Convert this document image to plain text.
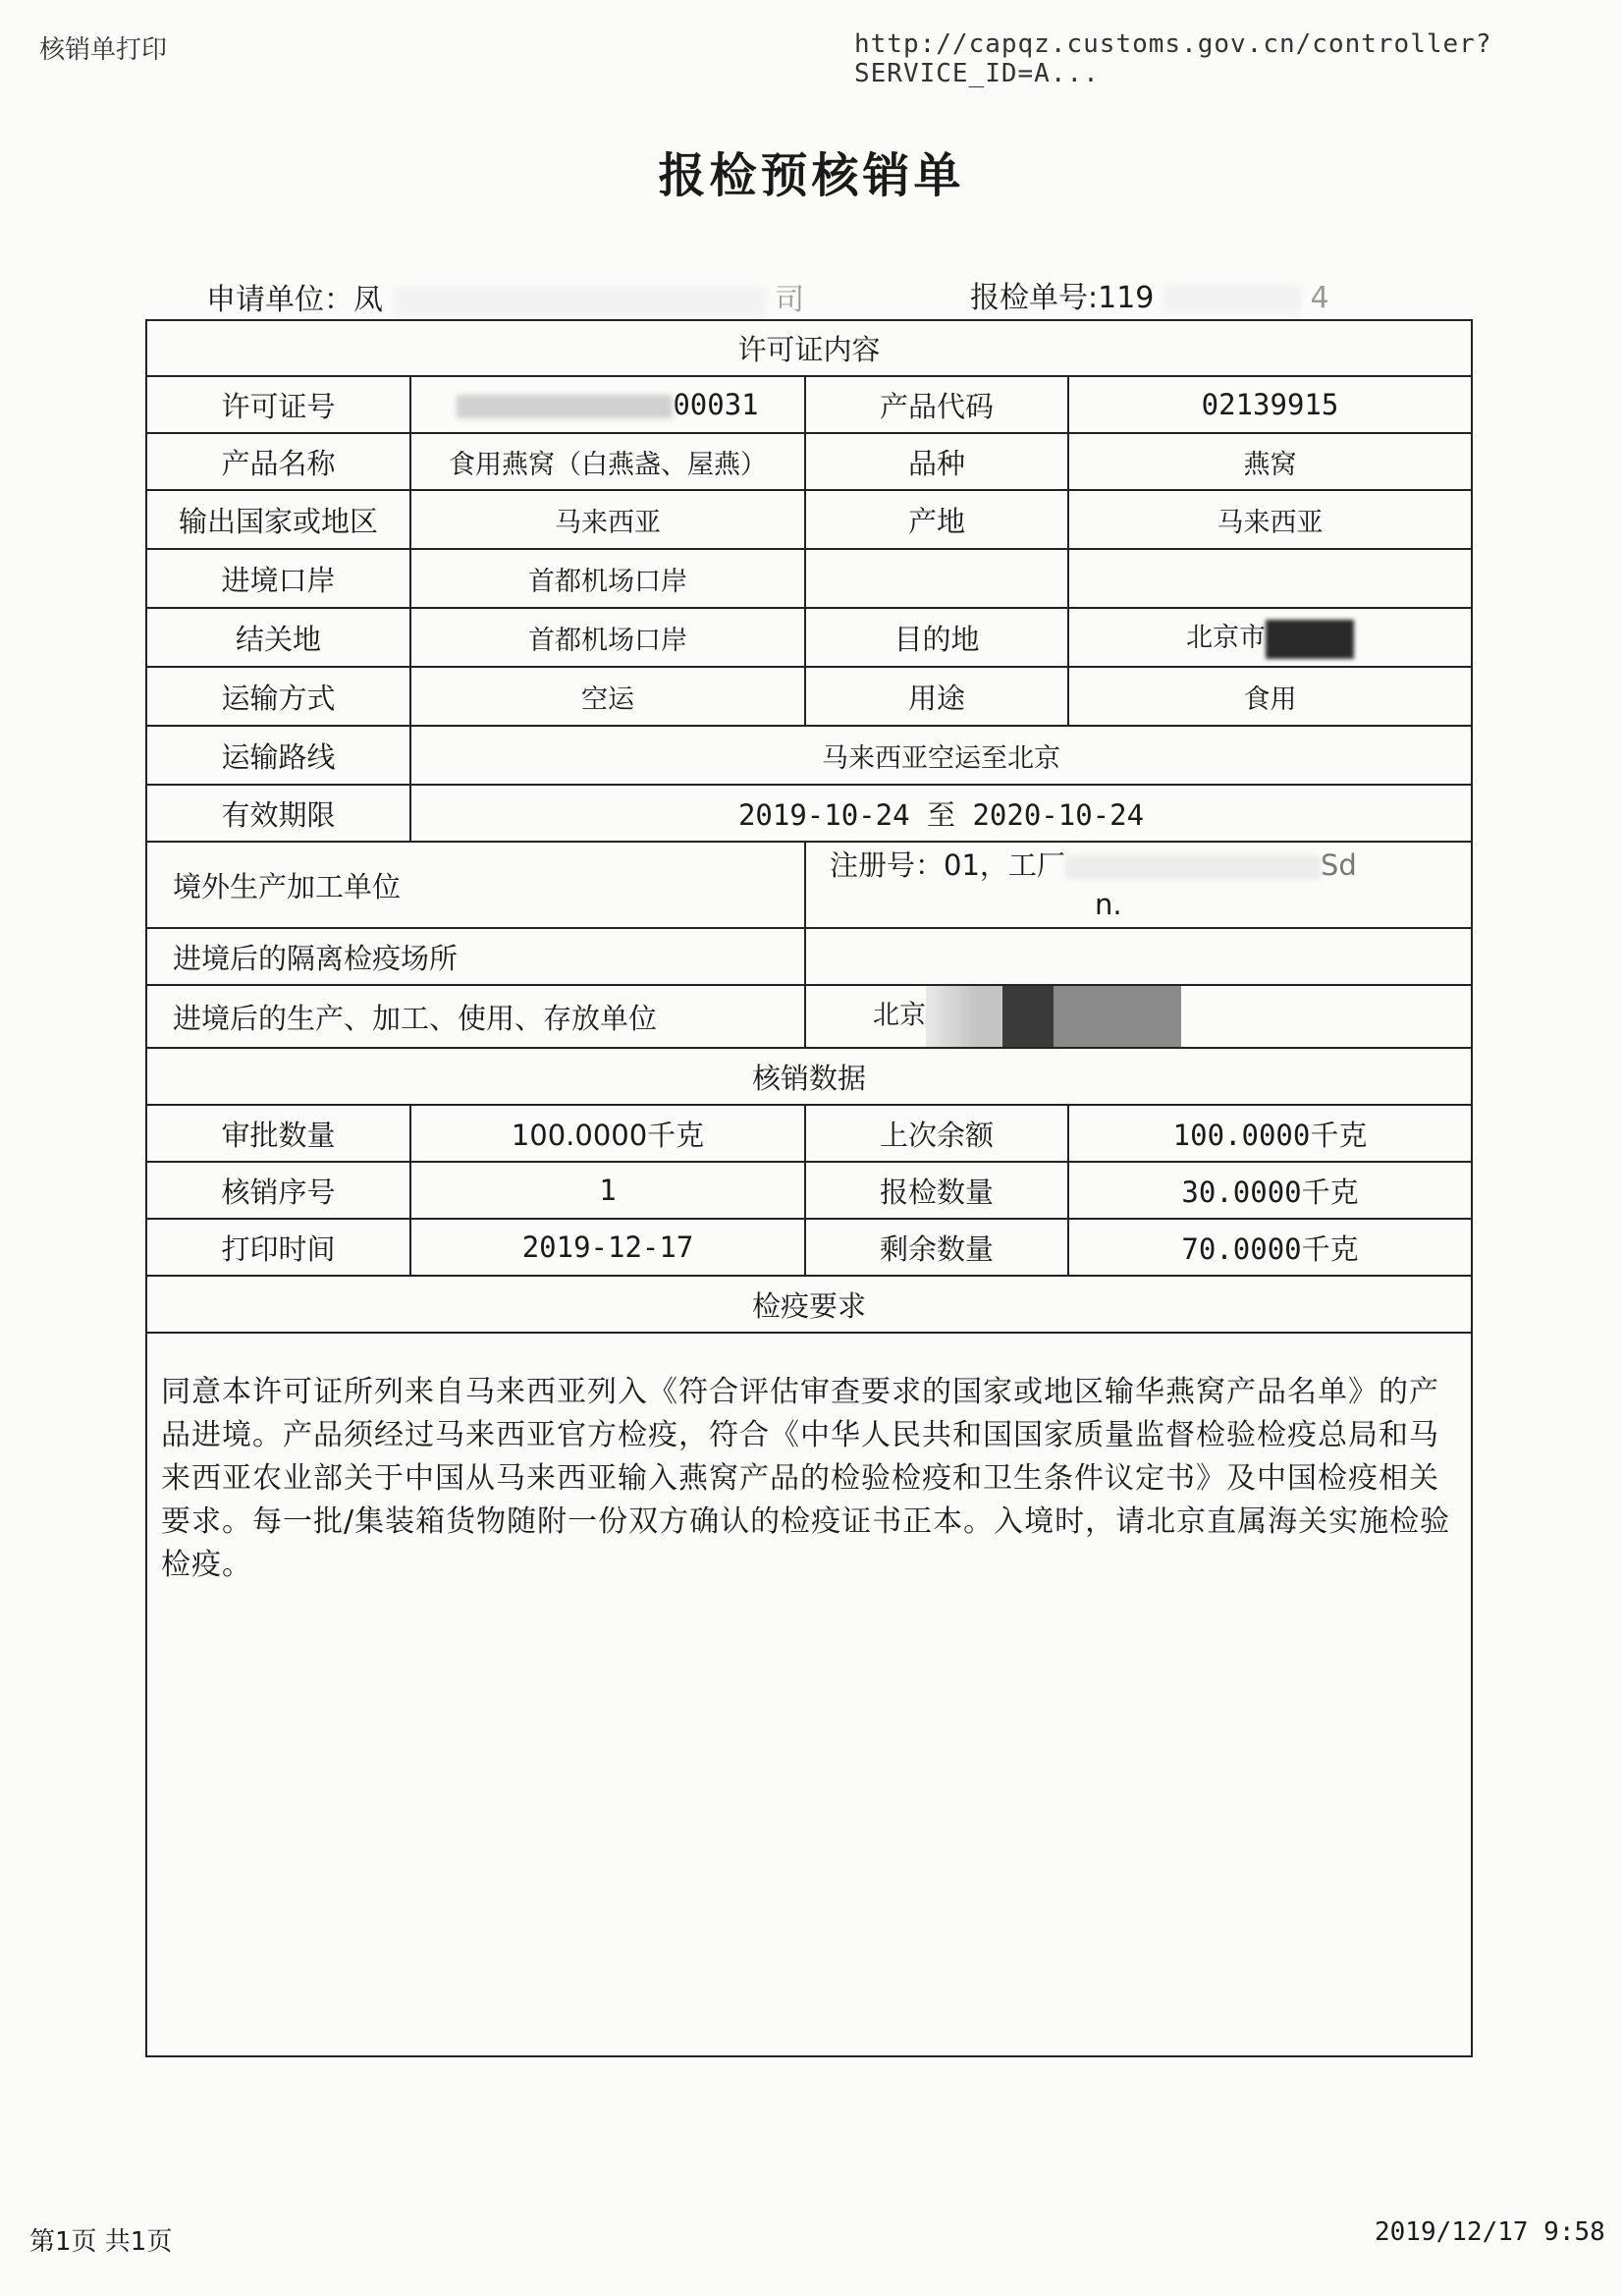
核销单打印	http://capqz.customs.gov.cn/controller?SERVICE_ID=A...
报检预核销单
申请单位：凤	司	报检单号:119	4
许可证内容			
许可证号	00031	产品代码	02139915
产品名称	食用燕窝（白燕盏、屋燕）	品种	燕窝
输出国家或地区	马来西亚	产地	马来西亚
进境口岸	首都机场口岸		
结关地	首都机场口岸	目的地	北京市
运输方式	空运	用途	食用
运输路线	马来西亚空运至北京		
有效期限	2019-10-24 至 2020-10-24		
境外生产加工单位		注册号：01，工厂 Sd
n.	

进境后的隔离检疫场所			
进境后的生产、加工、使用、存放单位		北京	
核销数据			
审批数量	100.0000千克	上次余额	100.0000千克
核销序号	1	报检数量	30.0000千克
打印时间	2019-12-17	剩余数量	70.0000千克
检疫要求			
同意本许可证所列来自马来西亚列入《符合评估审查要求的国家或地区输华燕窝产品名单》的产品进境。产品须经过马来西亚官方检疫，符合《中华人民共和国国家质量监督检验检疫总局和马来西亚农业部关于中国从马来西亚输入燕窝产品的检验检疫和卫生条件议定书》及中国检疫相关要求。每一批/集装箱货物随附一份双方确认的检疫证书正本。入境时，请北京直属海关实施检验检疫。
第1页 共1页	2019/12/17 9:58
